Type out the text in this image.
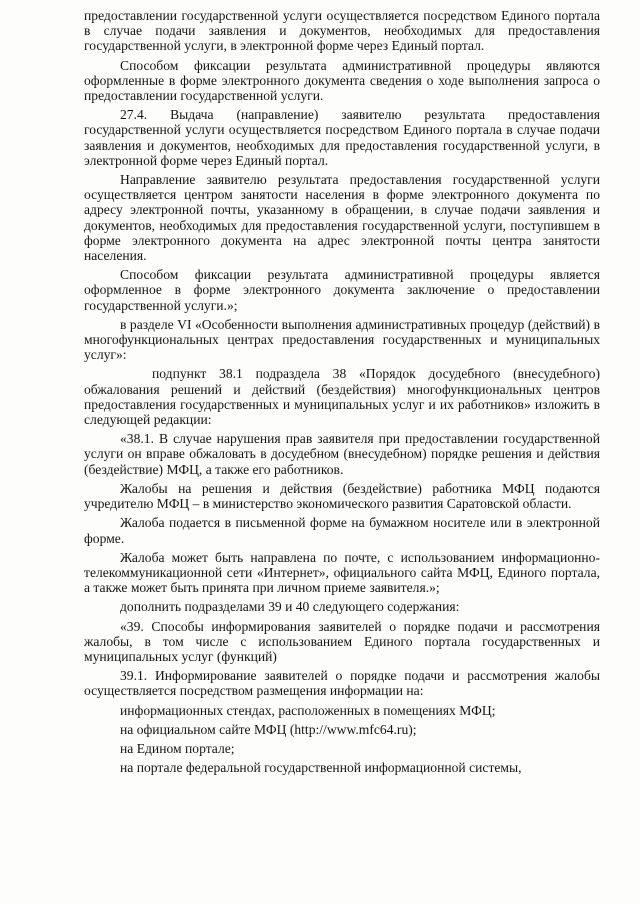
предоставлении государственной услуги осуществляется посредством Единого портала в случае подачи заявления и документов, необходимых для предоставления государственной услуги, в электронной форме через Единый портал.

Способом фиксации результата административной процедуры являются оформленные в форме электронного документа сведения о ходе выполнения запроса о предоставлении государственной услуги.

27.4. Выдача (направление) заявителю результата предоставления государственной услуги осуществляется посредством Единого портала в случае подачи заявления и документов, необходимых для предоставления государственной услуги, в электронной форме через Единый портал.

Направление заявителю результата предоставления государственной услуги осуществляется центром занятости населения в форме электронного документа по адресу электронной почты, указанному в обращении, в случае подачи заявления и документов, необходимых для предоставления государственной услуги, поступившем в форме электронного документа на адрес электронной почты центра занятости населения.

Способом фиксации результата административной процедуры является оформленное в форме электронного документа заключение о предоставлении государственной услуги.»;

в разделе VI «Особенности выполнения административных процедур (действий) в многофункциональных центрах предоставления государственных и муниципальных услуг»:

подпункт 38.1 подраздела 38 «Порядок досудебного (внесудебного) обжалования решений и действий (бездействия) многофункциональных центров предоставления государственных и муниципальных услуг и их работников» изложить в следующей редакции:

«38.1. В случае нарушения прав заявителя при предоставлении государственной услуги он вправе обжаловать в досудебном (внесудебном) порядке решения и действия (бездействие) МФЦ, а также его работников.

Жалобы на решения и действия (бездействие) работника МФЦ подаются учредителю МФЦ – в министерство экономического развития Саратовской области.

Жалоба подается в письменной форме на бумажном носителе или в электронной форме.

Жалоба может быть направлена по почте, с использованием информационно-телекоммуникационной сети «Интернет», официального сайта МФЦ, Единого портала, а также может быть принята при личном приеме заявителя.»;

дополнить подразделами 39 и 40 следующего содержания:

«39. Способы информирования заявителей о порядке подачи и рассмотрения жалобы, в том числе с использованием Единого портала государственных и муниципальных услуг (функций)

39.1. Информирование заявителей о порядке подачи и рассмотрения жалобы осуществляется посредством размещения информации на:

информационных стендах, расположенных в помещениях МФЦ;

на официальном сайте МФЦ (http://www.mfc64.ru);

на Едином портале;

на портале федеральной государственной информационной системы,
